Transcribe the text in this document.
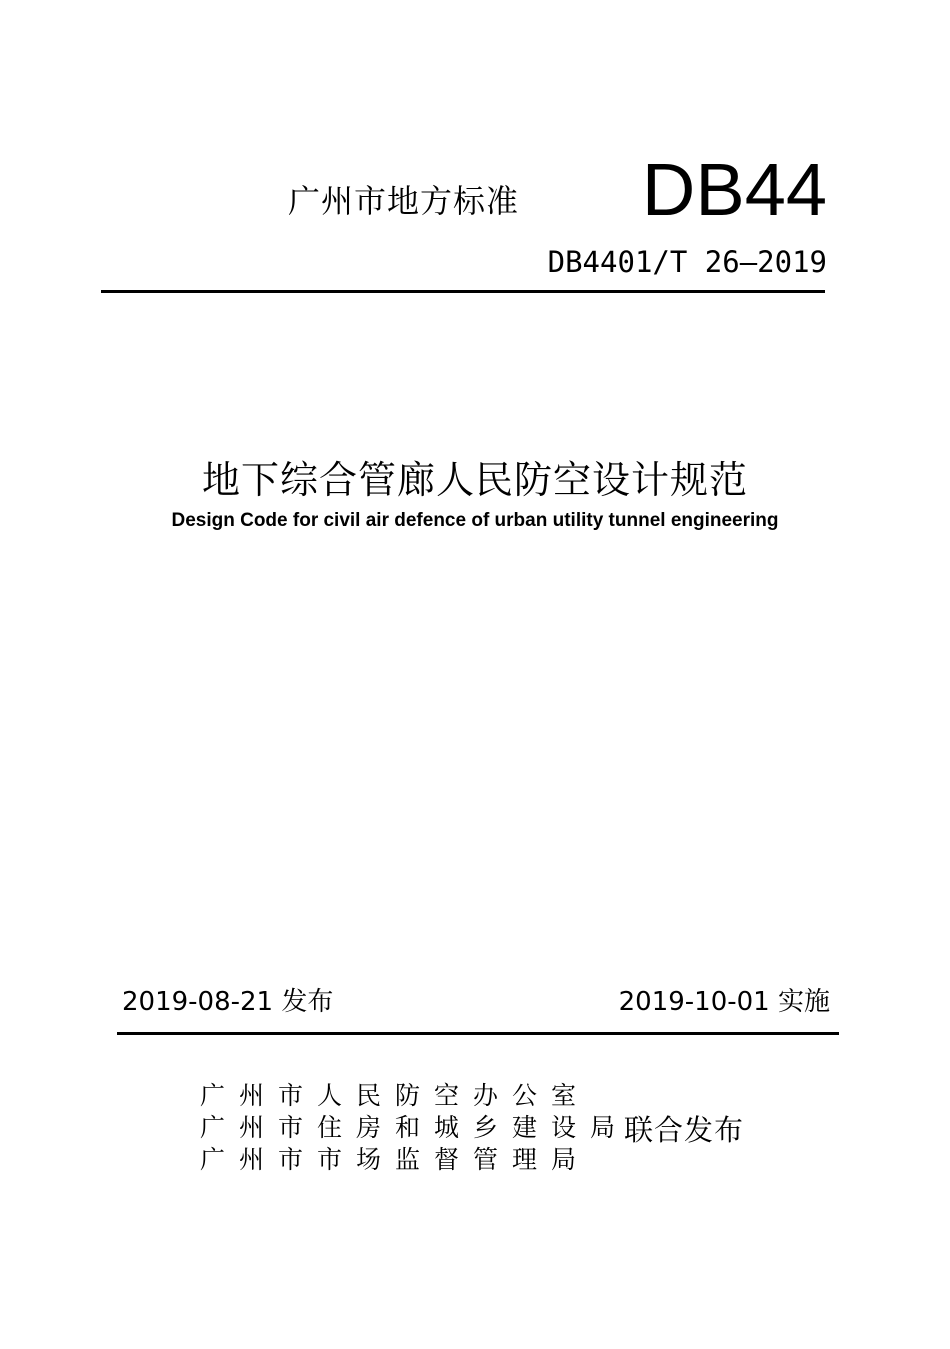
广州市地方标准 DB44
DB4401/T 26—2019
地下综合管廊人民防空设计规范
Design Code for civil air defence of urban utility tunnel engineering
2019-08-21 发布	2019-10-01 实施
广州市人民防空办公室
广州市住房和城乡建设局
广州市市场监督管理局
联合发布
